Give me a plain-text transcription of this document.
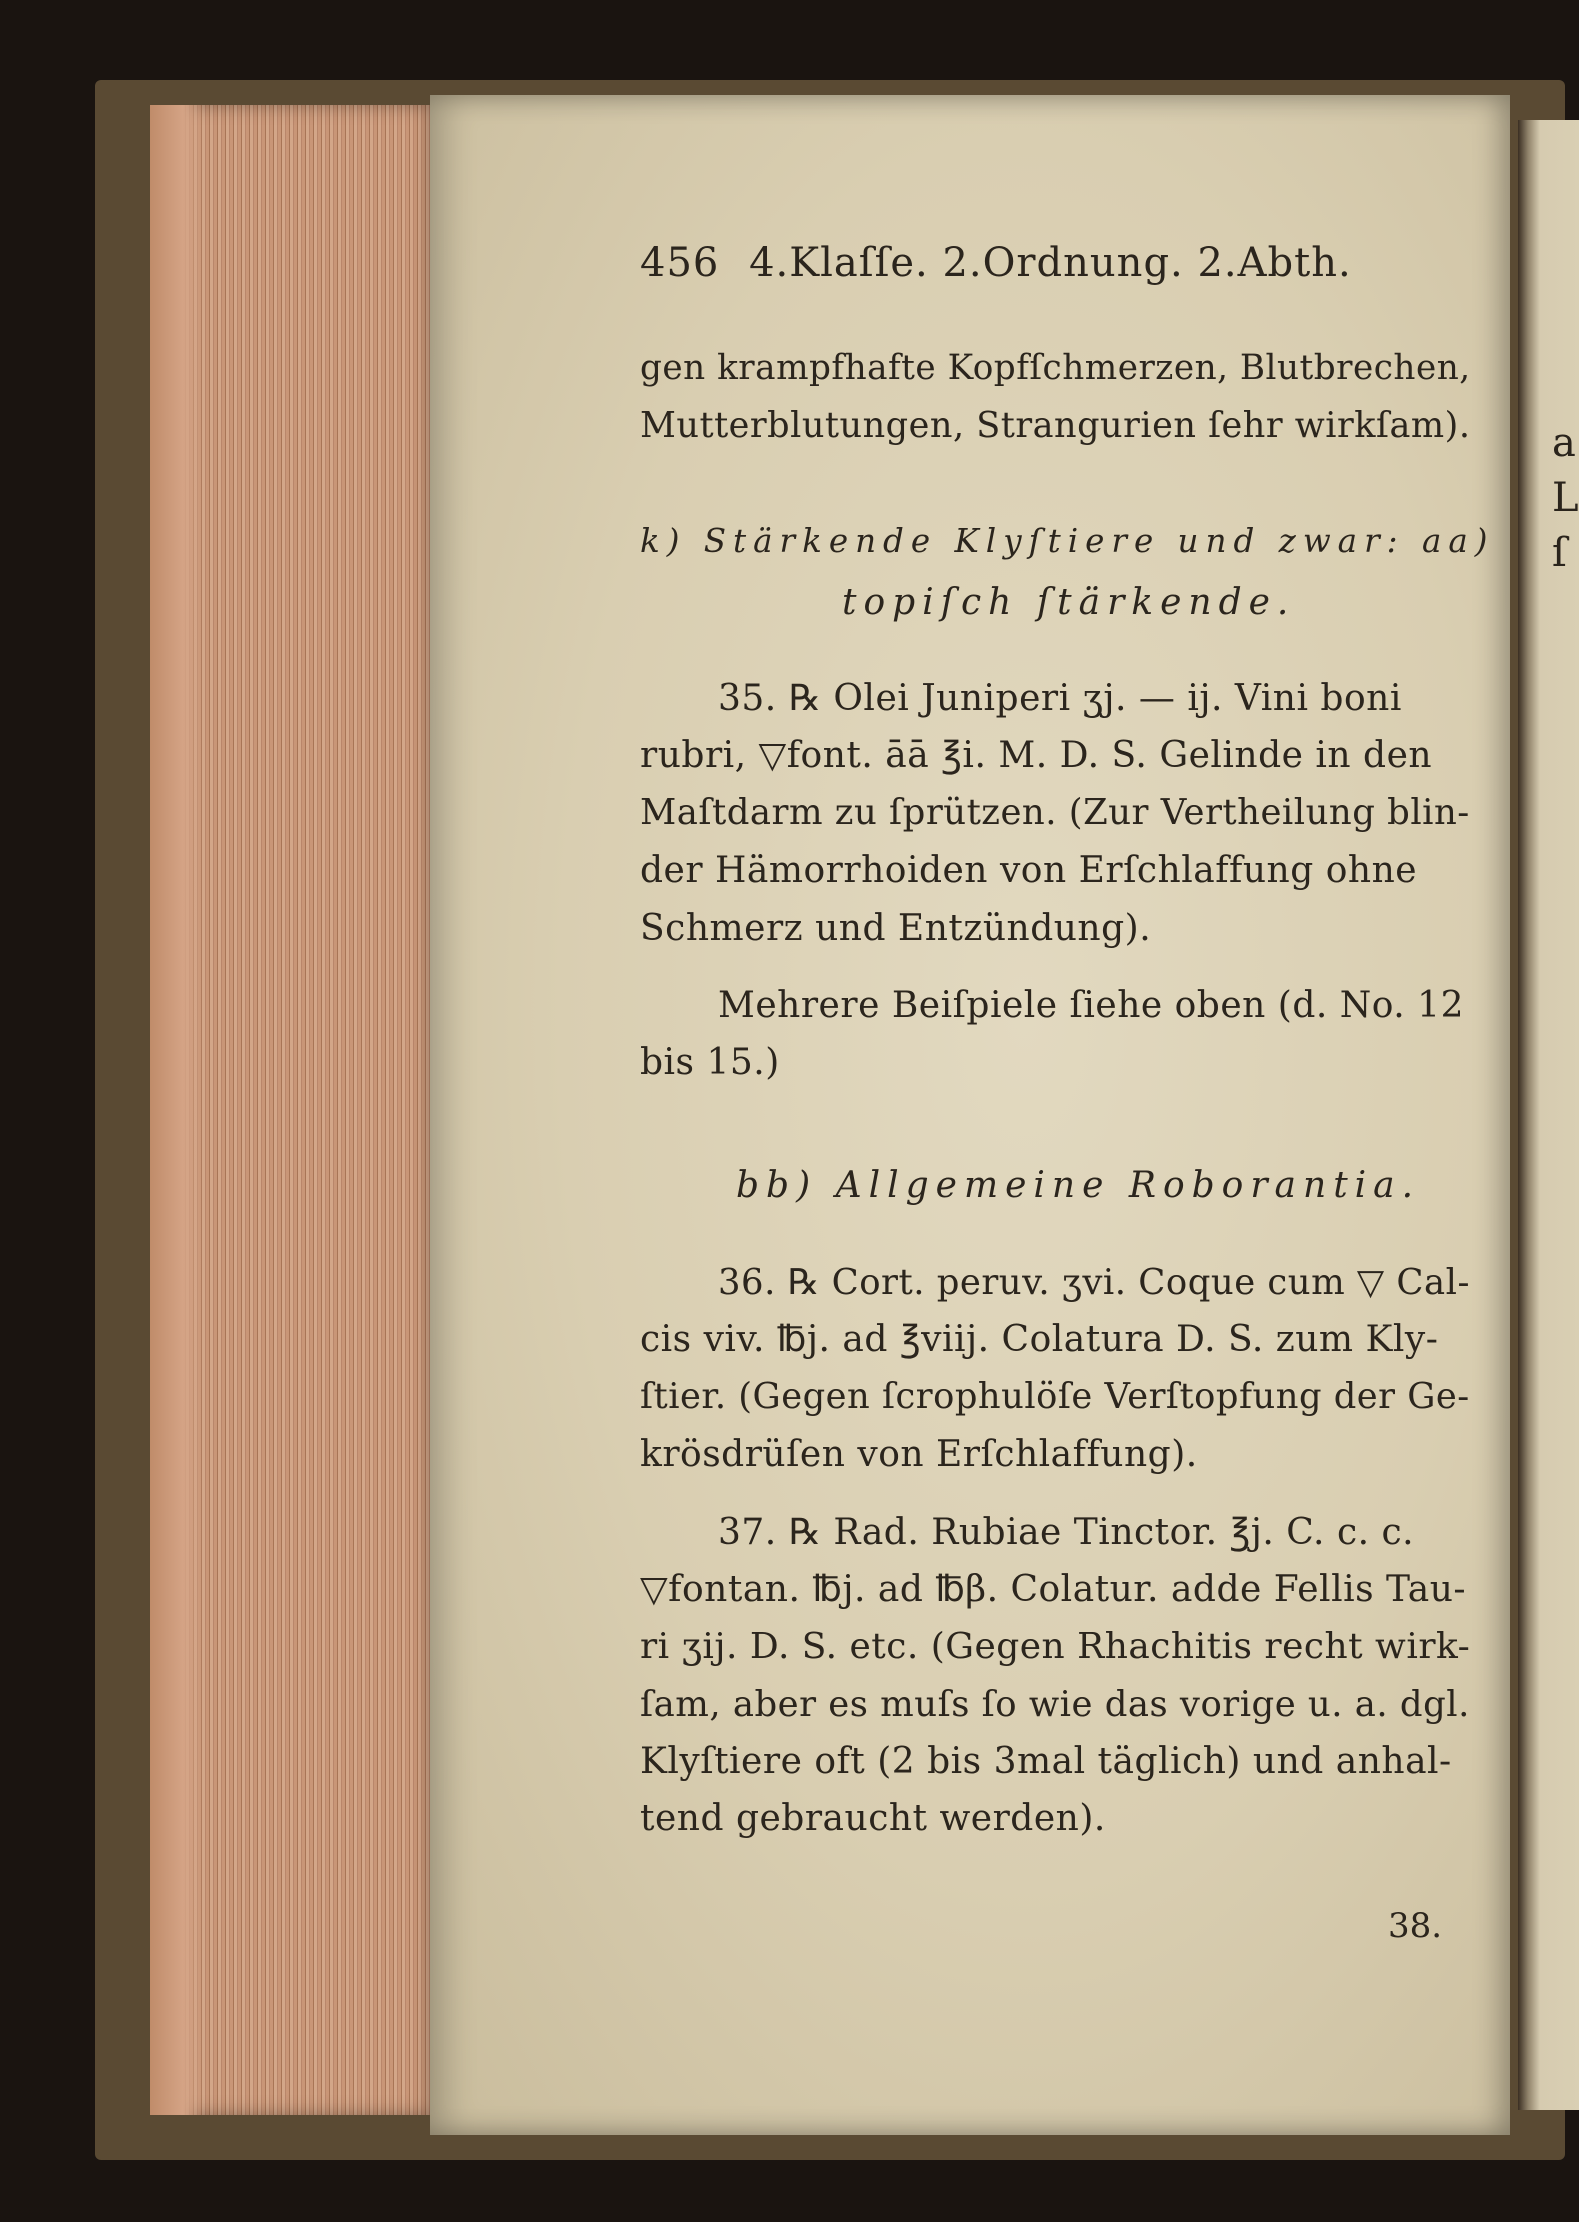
a
L
ſ
456 4.Klaſſe. 2.Ordnung. 2.Abth.
gen krampfhafte Kopfſchmerzen, Blutbrechen,
Mutterblutungen, Strangurien ſehr wirkſam).
k) Stärkende Klyſtiere und zwar: aa)
topiſch ſtärkende.
35. ℞ Olei Juniperi ʒj. — ij. Vini boni
rubri, ▽font. āā ℥i. M. D. S. Gelinde in den
Maſtdarm zu ſprützen. (Zur Vertheilung blin-
der Hämorrhoiden von Erſchlaffung ohne
Schmerz und Entzündung).
Mehrere Beiſpiele ſiehe oben (d. No. 12
bis 15.)
bb) Allgemeine Roborantia.
36. ℞ Cort. peruv. ʒvi. Coque cum ▽ Cal-
cis viv. ℔j. ad ℥viij. Colatura D. S. zum Kly-
ſtier. (Gegen ſcrophulöſe Verſtopfung der Ge-
krösdrüſen von Erſchlaffung).
37. ℞ Rad. Rubiae Tinctor. ℥j. C. c. c.
▽fontan. ℔j. ad ℔β. Colatur. adde Fellis Tau-
ri ʒij. D. S. etc. (Gegen Rhachitis recht wirk-
ſam, aber es muſs ſo wie das vorige u. a. dgl.
Klyſtiere oft (2 bis 3mal täglich) und anhal-
tend gebraucht werden).
38.
